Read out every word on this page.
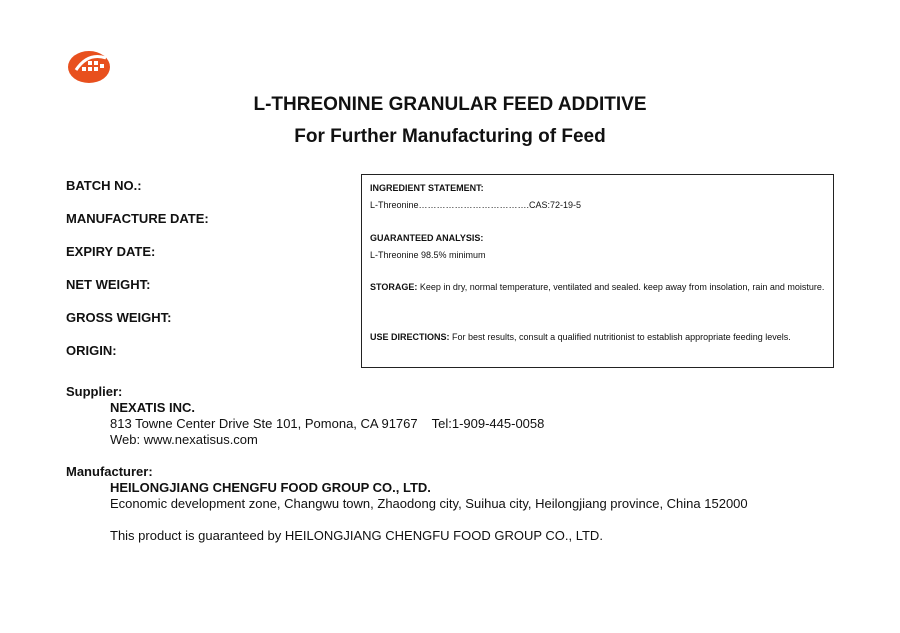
L-THREONINE GRANULAR FEED ADDITIVE
For Further Manufacturing of Feed
BATCH NO.:
MANUFACTURE DATE:
EXPIRY DATE:
NET WEIGHT:
GROSS WEIGHT:
ORIGIN:
INGREDIENT STATEMENT:
L-Threonine……………………………….CAS:72-19-5
GUARANTEED ANALYSIS:
L-Threonine 98.5% minimum
STORAGE: Keep in dry, normal temperature, ventilated and sealed. keep away from insolation, rain and moisture.
USE DIRECTIONS: For best results, consult a qualified nutritionist to establish appropriate feeding levels.
Supplier:
NEXATIS INC.
813 Towne Center Drive Ste 101, Pomona, CA 91767 Tel:1-909-445-0058
Web: www.nexatisus.com
Manufacturer:
HEILONGJIANG CHENGFU FOOD GROUP CO., LTD.
Economic development zone, Changwu town, Zhaodong city, Suihua city, Heilongjiang province, China 152000
This product is guaranteed by HEILONGJIANG CHENGFU FOOD GROUP CO., LTD.
